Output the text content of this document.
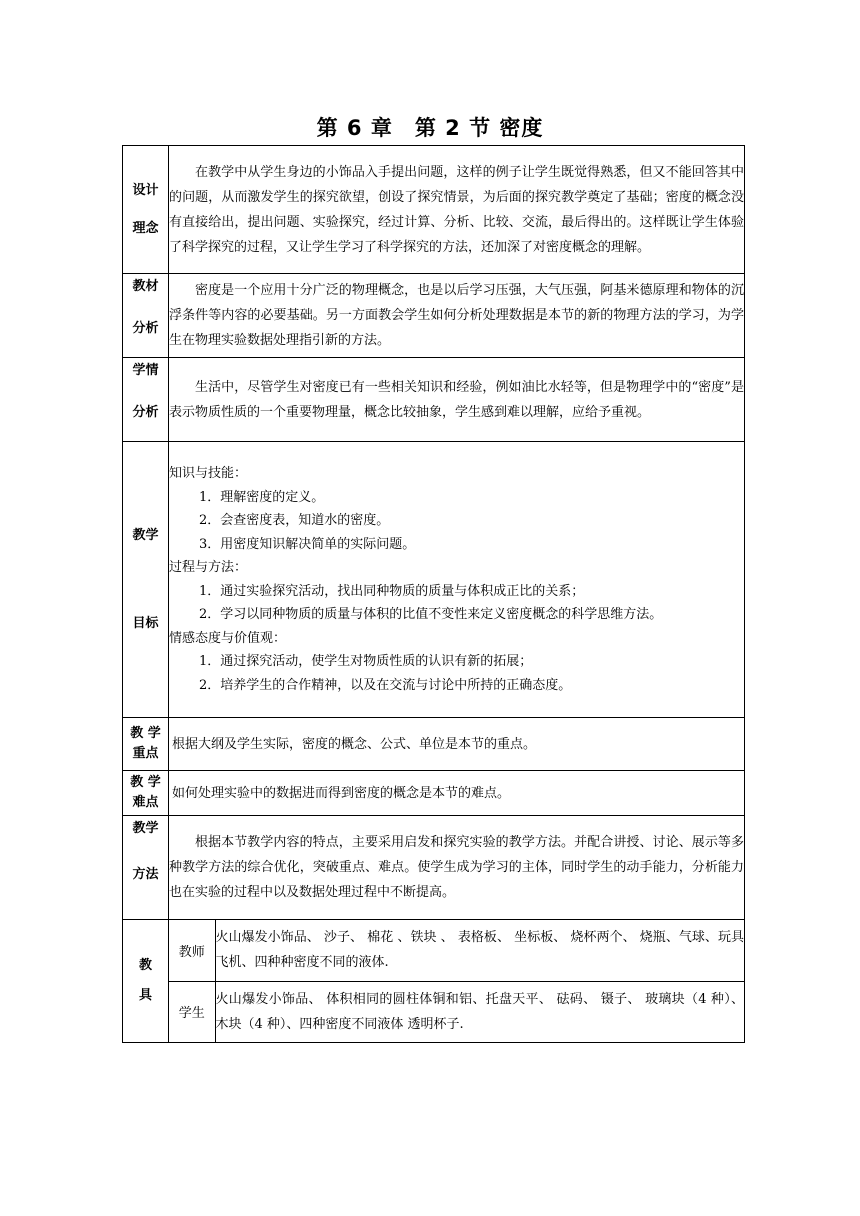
第 6 章　第 2 节 密度
设计
理念

在教学中从学生身边的小饰品入手提出问题，这样的例子让学生既觉得熟悉，但又不能回答其中的问题，从而激发学生的探究欲望，创设了探究情景，为后面的探究教学奠定了基础；密度的概念没有直接给出，提出问题、实验探究，经过计算、分析、比较、交流，最后得出的。这样既让学生体验了科学探究的过程，又让学生学习了科学探究的方法，还加深了对密度概念的理解。

教材
分析

密度是一个应用十分广泛的物理概念，也是以后学习压强，大气压强，阿基米德原理和物体的沉浮条件等内容的必要基础。另一方面教会学生如何分析处理数据是本节的新的物理方法的学习，为学生在物理实验数据处理指引新的方法。

学情
分析

生活中，尽管学生对密度已有一些相关知识和经验，例如油比水轻等，但是物理学中的“密度”是表示物质性质的一个重要物理量，概念比较抽象，学生感到难以理解，应给予重视。

教学
目标

知识与技能：

1．理解密度的定义。

2．会查密度表，知道水的密度。

3．用密度知识解决简单的实际问题。

过程与方法：

1．通过实验探究活动，找出同种物质的质量与体积成正比的关系；

2．学习以同种物质的质量与体积的比值不变性来定义密度概念的科学思维方法。

情感态度与价值观：

1．通过探究活动，使学生对物质性质的认识有新的拓展；

2．培养学生的合作精神，以及在交流与讨论中所持的正确态度。

教 学
重点

根据大纲及学生实际，密度的概念、公式、单位是本节的重点。

教 学
难点

如何处理实验中的数据进而得到密度的概念是本节的难点。

教学
方法

根据本节教学内容的特点，主要采用启发和探究实验的教学方法。并配合讲授、讨论、展示等多种教学方法的综合优化，突破重点、难点。使学生成为学习的主体，同时学生的动手能力，分析能力也在实验的过程中以及数据处理过程中不断提高。

教
具

教师	火山爆发小饰品、 沙子、 棉花 、铁块 、 表格板、 坐标板、 烧杯两个、 烧瓶、气球、玩具飞机、四种种密度不同的液体.
学生	火山爆发小饰品、 体积相同的圆柱体铜和铝、托盘天平、 砝码、 镊子、 玻璃块（4 种）、 木块（4 种）、四种密度不同液体 透明杯子.
